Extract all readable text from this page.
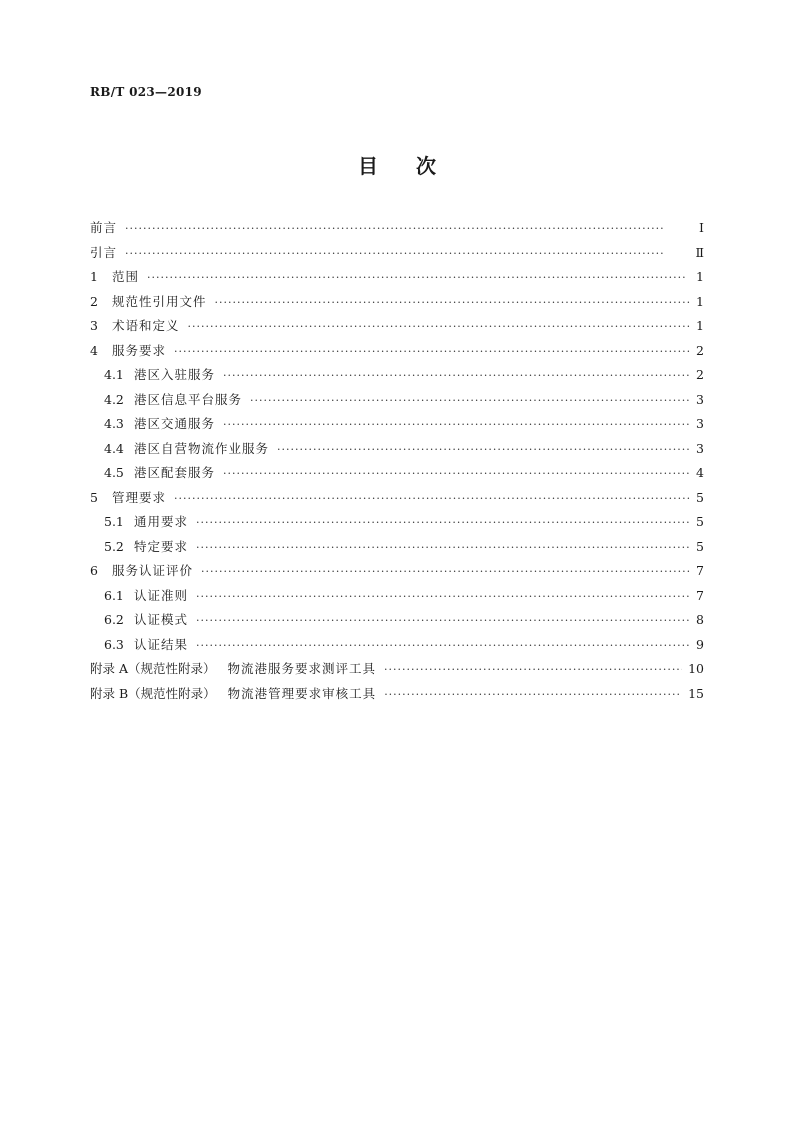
RB/T 023—2019
目次
前言 ·····	Ⅰ
引言 ·····	Ⅱ
1	范围 ·····	1
2	规范性引用文件 ·····	1
3	术语和定义 ·····	1
4	服务要求 ·····	2
4.1 港区入驻服务 ·····	2
4.2 港区信息平台服务 ·····	3
4.3 港区交通服务 ·····	3
4.4 港区自营物流作业服务 ·····	3
4.5 港区配套服务 ·····	4
5	管理要求 ·····	5
5.1 通用要求 ·····	5
5.2 特定要求 ·····	5
6	服务认证评价 ·····	7
6.1 认证准则 ·····	7
6.2 认证模式 ·····	8
6.3 认证结果 ·····	9
附录 A（规范性附录） 物流港服务要求测评工具 ·····	10
附录 B（规范性附录） 物流港管理要求审核工具 ·····	15
